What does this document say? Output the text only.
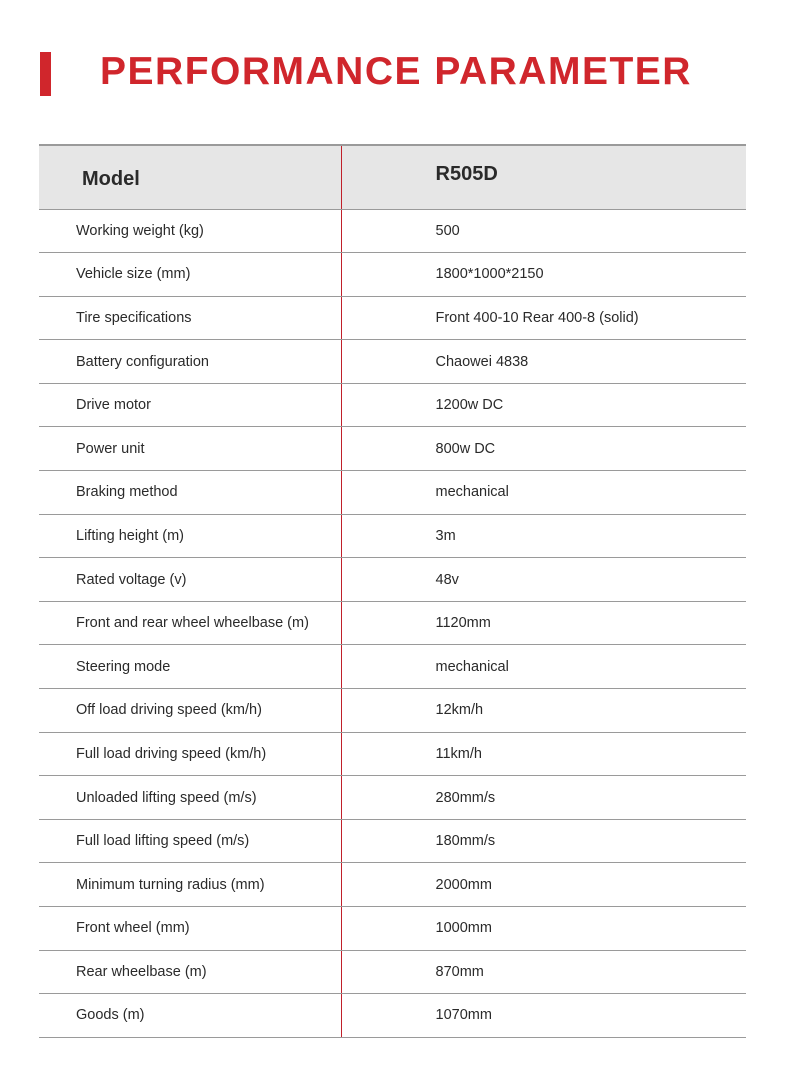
PERFORMANCE PARAMETER
Model	R505D
Working weight (kg)	500
Vehicle size (mm)	1800*1000*2150
Tire specifications	Front 400-10 Rear 400-8 (solid)
Battery configuration	Chaowei 4838
Drive motor	1200w DC
Power unit	800w DC
Braking method	mechanical
Lifting height (m)	3m
Rated voltage (v)	48v
Front and rear wheel wheelbase (m)	1120mm
Steering mode	mechanical
Off load driving speed (km/h)	12km/h
Full load driving speed (km/h)	11km/h
Unloaded lifting speed (m/s)	280mm/s
Full load lifting speed (m/s)	180mm/s
Minimum turning radius (mm)	2000mm
Front wheel (mm)	1000mm
Rear wheelbase (m)	870mm
Goods (m)	1070mm
